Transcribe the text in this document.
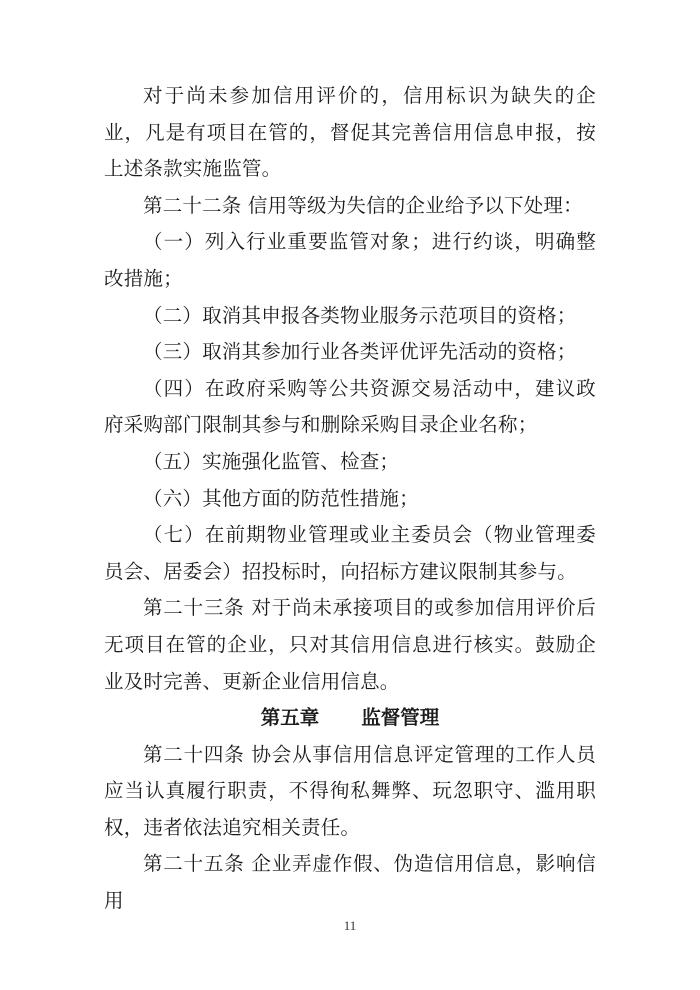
对于尚未参加信用评价的，信用标识为缺失的企业，凡是有项目在管的，督促其完善信用信息申报，按上述条款实施监管。

第二十二条 信用等级为失信的企业给予以下处理：

（一）列入行业重要监管对象；进行约谈，明确整改措施；

（二）取消其申报各类物业服务示范项目的资格；

（三）取消其参加行业各类评优评先活动的资格；

（四）在政府采购等公共资源交易活动中，建议政府采购部门限制其参与和删除采购目录企业名称；

（五）实施强化监管、检查；

（六）其他方面的防范性措施；

（七）在前期物业管理或业主委员会（物业管理委员会、居委会）招投标时，向招标方建议限制其参与。

第二十三条 对于尚未承接项目的或参加信用评价后无项目在管的企业，只对其信用信息进行核实。鼓励企业及时完善、更新企业信用信息。

第五章 监督管理

第二十四条 协会从事信用信息评定管理的工作人员应当认真履行职责，不得徇私舞弊、玩忽职守、滥用职权，违者依法追究相关责任。

第二十五条 企业弄虚作假、伪造信用信息，影响信用

11
